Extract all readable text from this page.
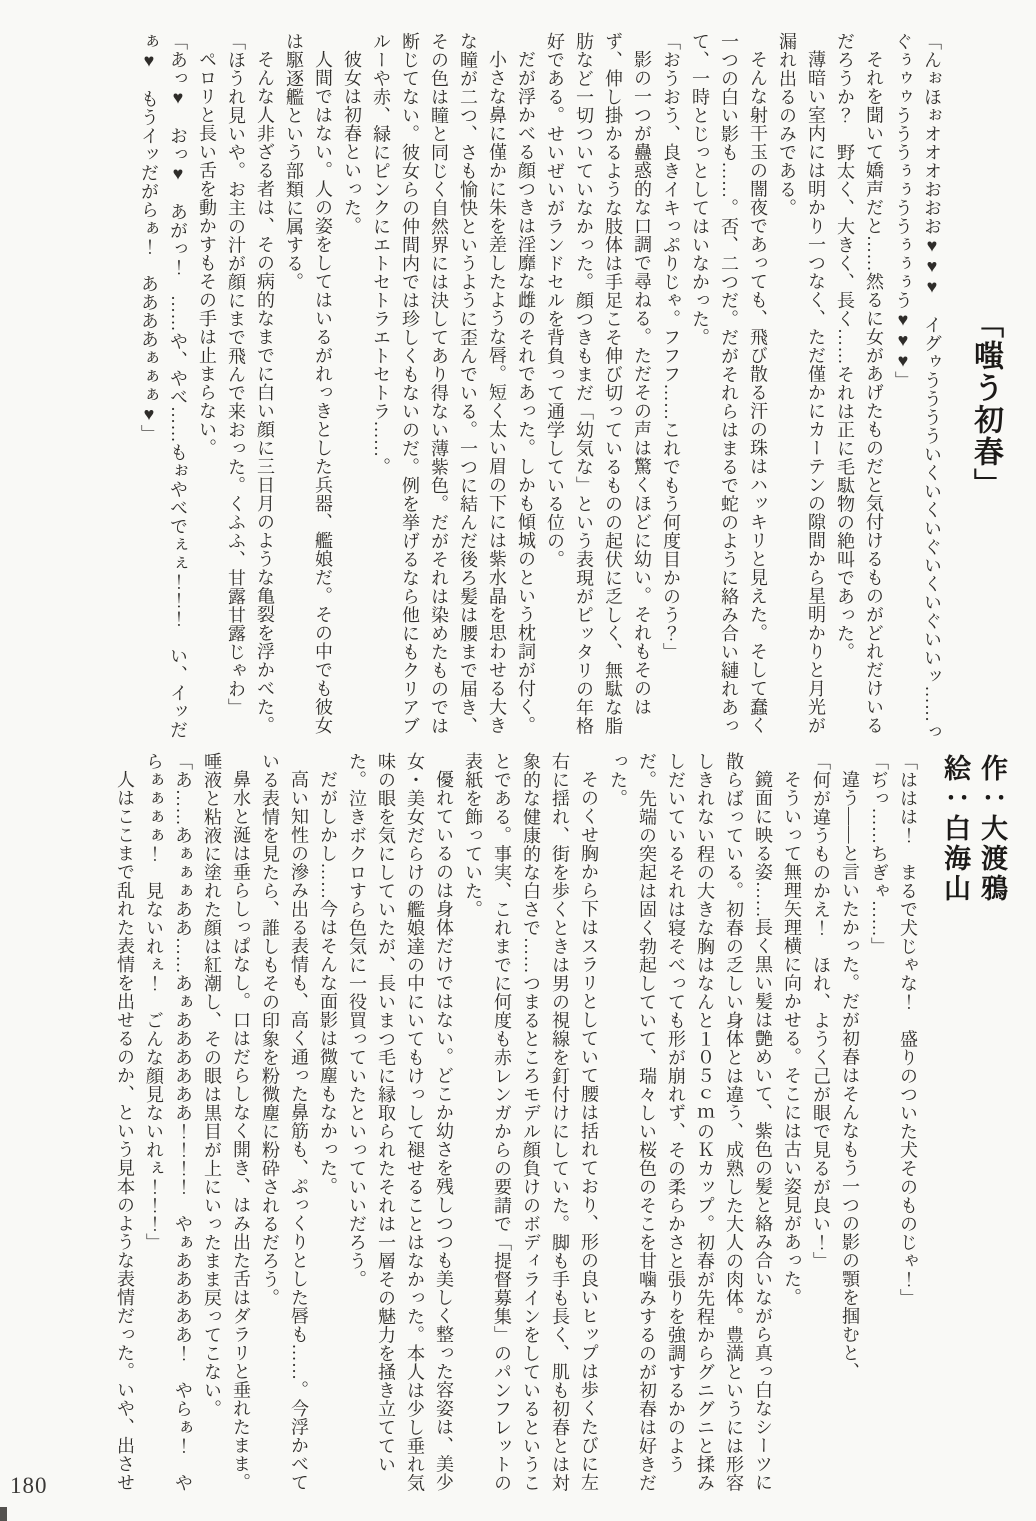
「嗤う初春」

「んぉほぉオオオおおお♥♥♥　イグゥうううういくいくいぐいくいぐいいッ……っぐぅゥゥうううぅぅううぅぅぅう♥♥♥」

それを聞いて嬌声だと……然るに女があげたものだと気付けるものがどれだけいるだろうか？　野太く、大きく、長く……それは正に毛駄物の絶叫であった。

薄暗い室内には明かり一つなく、ただ僅かにカーテンの隙間から星明かりと月光が漏れ出るのみである。

そんな射干玉の闇夜であっても、飛び散る汗の珠はハッキリと見えた。そして蠢く一つの白い影も……。否、二つだ。だがそれらはまるで蛇のように絡み合い縺れあって、一時とじっとしてはいなかった。

「おうおう、良きイキっぷりじゃ。フフフ……これでもう何度目かのう？」

影の一つが蠱惑的な口調で尋ねる。ただその声は驚くほどに幼い。それもそのはず、伸し掛かるような肢体は手足こそ伸び切っているものの起伏に乏しく、無駄な脂肪など一切ついていなかった。顔つきもまだ「幼気な」という表現がピッタリの年格好である。せいぜいがランドセルを背負って通学している位の。

だが浮かべる顔つきは淫靡な雌のそれであった。しかも傾城のという枕詞が付く。

小さな鼻に僅かに朱を差したような唇。短く太い眉の下には紫水晶を思わせる大きな瞳が二つ、さも愉快というように歪んでいる。一つに結んだ後ろ髪は腰まで届き、その色は瞳と同じく自然界には決してあり得ない薄紫色。だがそれは染めたものでは断じてない。彼女らの仲間内では珍しくもないのだ。例を挙げるなら他にもクリアブルーや赤、緑にピンクにエトセトラエトセトラ……。

彼女は初春といった。

人間ではない。人の姿をしてはいるがれっきとした兵器、艦娘だ。その中でも彼女は駆逐艦という部類に属する。

そんな人非ざる者は、その病的なまでに白い顔に三日月のような亀裂を浮かべた。

「ほうれ見いや。お主の汁が顔にまで飛んで来おった。くふふ、甘露甘露じゃわ」

ペロリと長い舌を動かすもその手は止まらない。

「あっ♥　おっ♥　あがっ！　……や、やべ……もぉやべでぇぇ！！！　い、イッだぁ♥　もうイッだがらぁ！　ああああぁぁぁ♥」

作：大渡鴉
絵：白海山

「ははは！　まるで犬じゃな！　盛りのついた犬そのものじゃ！」

「ぢっ……ちぎゃ……」

違う——と言いたかった。だが初春はそんなもう一つの影の顎を掴むと、

「何が違うものかえ！　ほれ、ようく己が眼で見るが良い！」

そういって無理矢理横に向かせる。そこには古い姿見があった。

鏡面に映る姿……長く黒い髪は艶めいて、紫色の髪と絡み合いながら真っ白なシーツに散らばっている。初春の乏しい身体とは違う、成熟した大人の肉体。豊満というには形容しきれない程の大きな胸はなんと１０５ｃｍのＫカップ。初春が先程からグニグニと揉みしだいているそれは寝そべっても形が崩れず、その柔らかさと張りを強調するかのようだ。先端の突起は固く勃起していて、瑞々しい桜色のそこを甘噛みするのが初春は好きだった。

そのくせ胸から下はスラリとしていて腰は括れており、形の良いヒップは歩くたびに左右に揺れ、街を歩くときは男の視線を釘付けにしていた。脚も手も長く、肌も初春とは対象的な健康的な白さで……つまるところモデル顔負けのボディラインをしているということである。事実、これまでに何度も赤レンガからの要請で「提督募集」のパンフレットの表紙を飾っていた。

優れているのは身体だけではない。どこか幼さを残しつつも美しく整った容姿は、美少女・美女だらけの艦娘達の中にいてもけっして褪せることはなかった。本人は少し垂れ気味の眼を気にしていたが、長いまつ毛に縁取られたそれは一層その魅力を掻き立てていた。泣きボクロすら色気に一役買っていたといっていいだろう。

だがしかし……今はそんな面影は微塵もなかった。

高い知性の滲み出る表情も、高く通った鼻筋も、ぷっくりとした唇も……。今浮かべている表情を見たら、誰しもその印象を粉微塵に粉砕されるだろう。

鼻水と涎は垂らしっぱなし。口はだらしなく開き、はみ出た舌はダラリと垂れたまま。唾液と粘液に塗れた顔は紅潮し、その眼は黒目が上にいったまま戻ってこない。

「あ……あぁぁぁああ……あぁああああああ！！！！　やぁあああああ！　やらぁ！　やらぁぁぁぁ！　見ないれぇ！　ごんな顔見ないれぇ！！！」

人はここまで乱れた表情を出せるのか、という見本のような表情だった。いや、出させ

180
